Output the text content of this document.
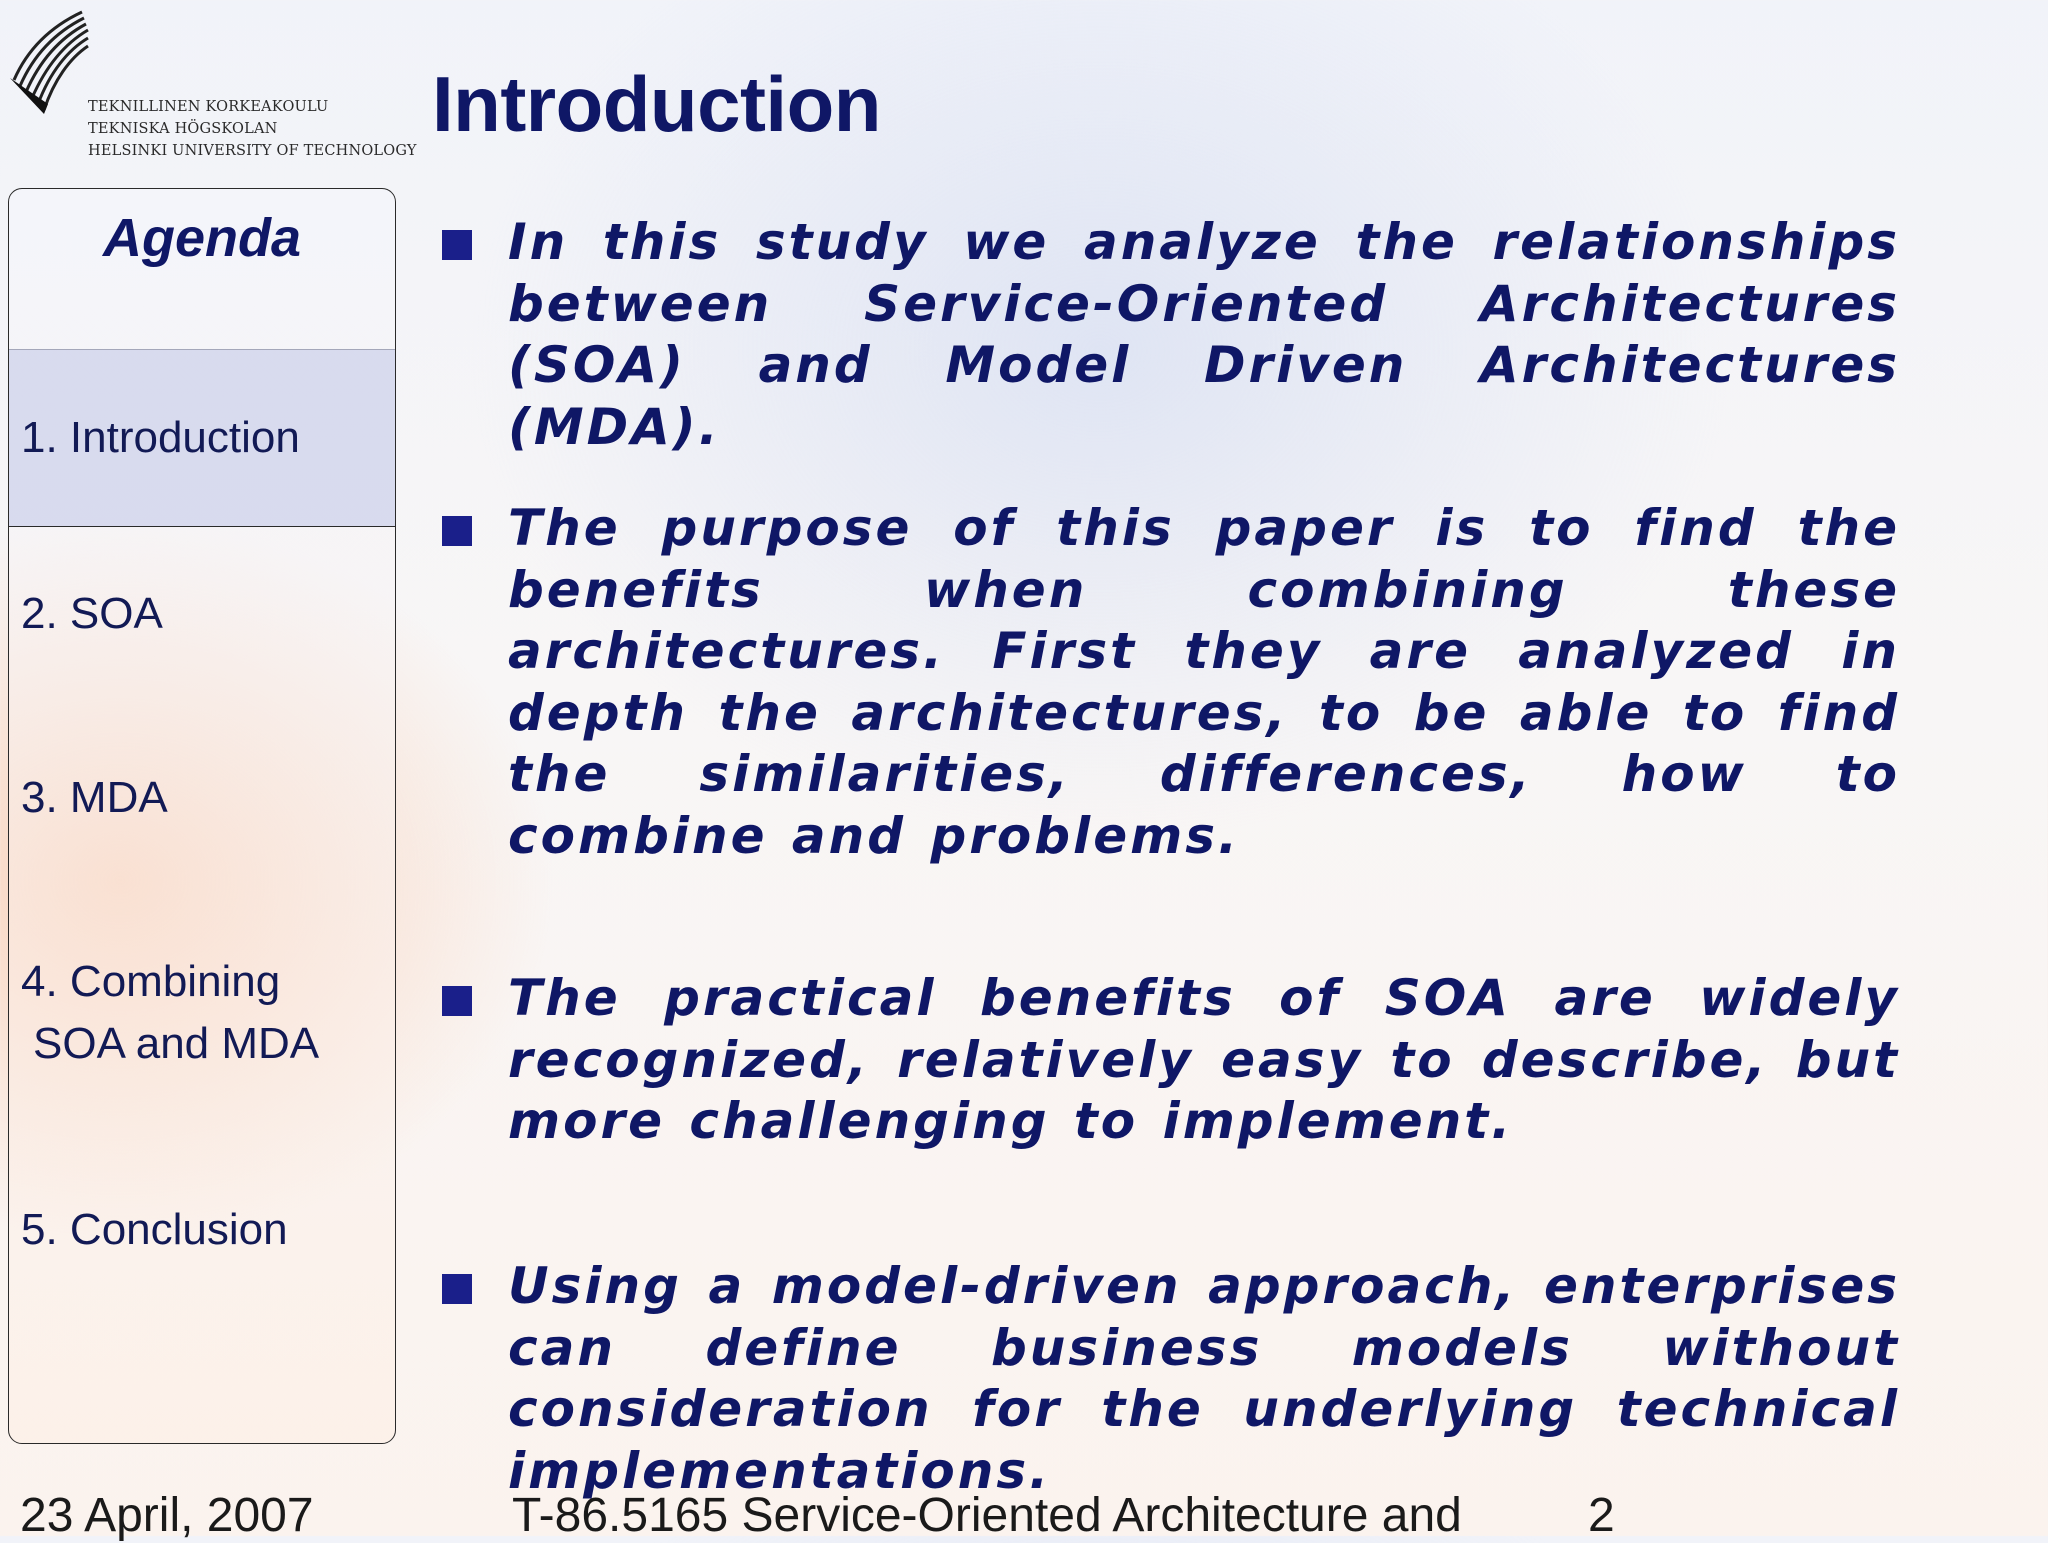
TEKNILLINEN KORKEAKOULU
TEKNISKA HÖGSKOLAN
HELSINKI UNIVERSITY OF TECHNOLOGY
Introduction
Agenda
1. Introduction
2. SOA
3. MDA
4. Combining
SOA and MDA
5. Conclusion
In this study we analyze the relationships between Service-Oriented Architectures (SOA) and Model Driven Architectures (MDA).
The purpose of this paper is to find the benefits when combining these architectures. First they are analyzed in depth the architectures, to be able to find the similarities, differences, how to combine and problems.
The practical benefits of SOA are widely recognized, relatively easy to describe, but more challenging to implement.
Using a model-driven approach, enterprises can define business models without consideration for the underlying technical implementations.
23 April, 2007	T-86.5165 Service-Oriented Architecture and	2
